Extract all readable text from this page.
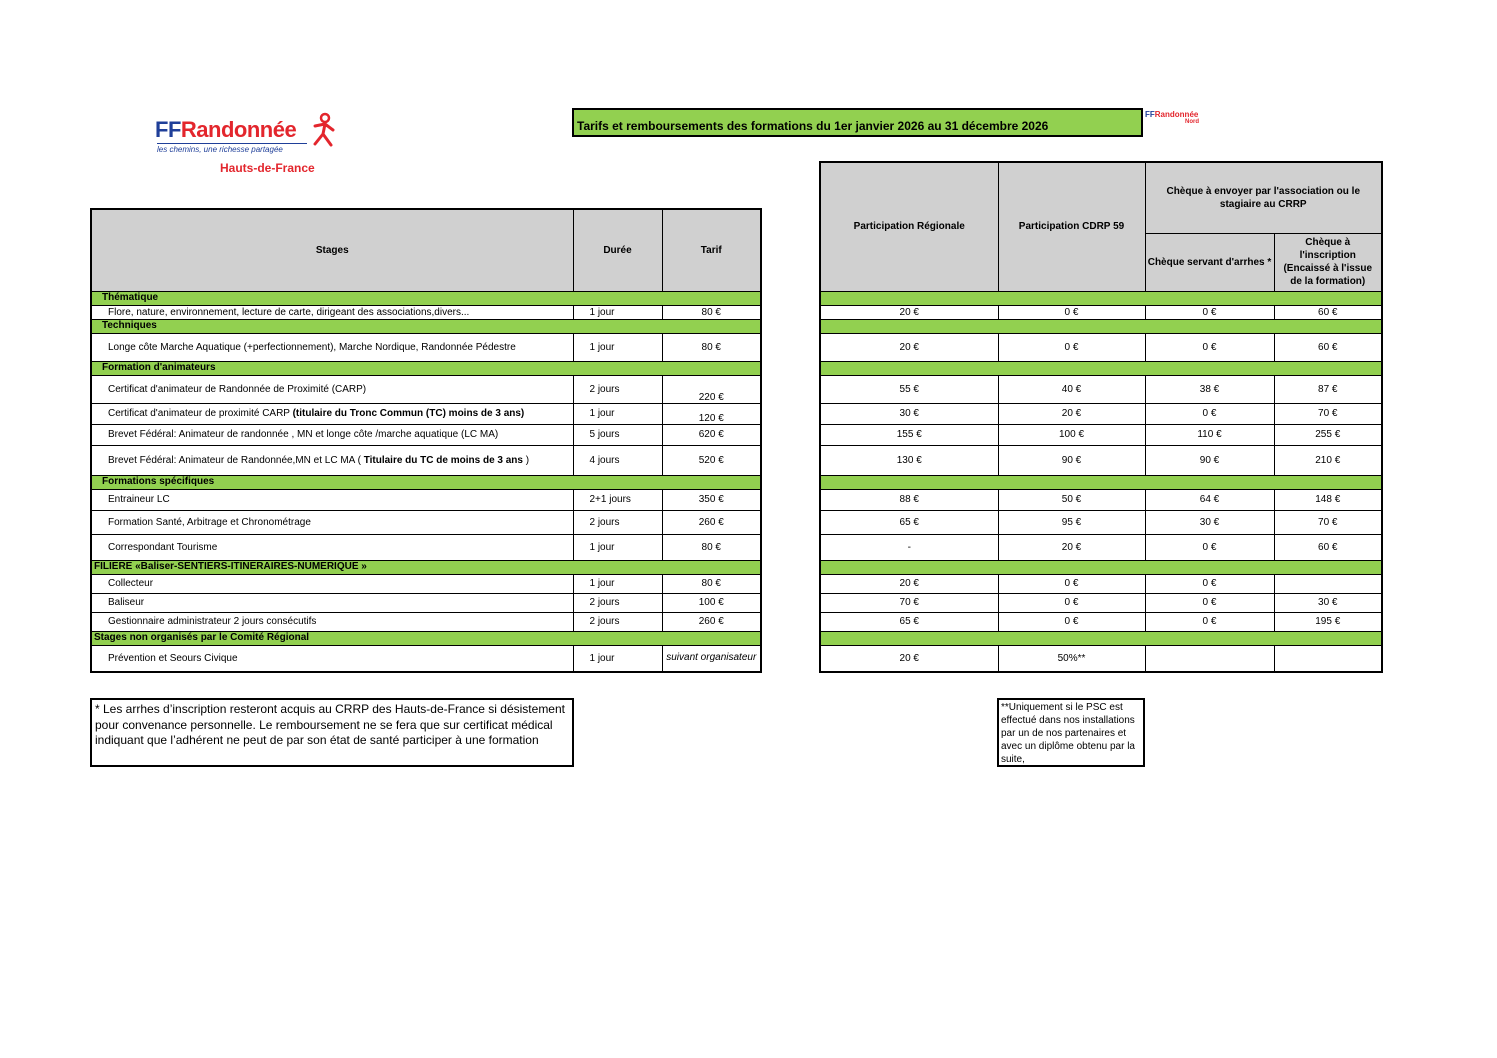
FFRandonnée
les chemins, une richesse partagée
Hauts-de-France
FFRandonnée
Nord
Tarifs et remboursements des formations du 1er janvier 2026 au 31 décembre 2026
Stages	Durée	Tarif
Thématique		
Flore, nature, environnement, lecture de carte, dirigeant des associations,divers...	1 jour	80 €
Techniques		
Longe côte Marche Aquatique (+perfectionnement), Marche Nordique, Randonnée Pédestre	1 jour	80 €
Formation d'animateurs		
Certificat d'animateur de Randonnée de Proximité (CARP)	2 jours	220 €
Certificat d'animateur de proximité CARP (titulaire du Tronc Commun (TC) moins de 3 ans)	1 jour	120 €
Brevet Fédéral: Animateur de randonnée , MN et longe côte /marche aquatique (LC MA)	5 jours	620 €
Brevet Fédéral: Animateur de Randonnée,MN et LC MA ( Titulaire du TC de moins de 3 ans )	4 jours	520 €
Formations spécifiques		
Entraineur LC	2+1 jours	350 €
Formation Santé, Arbitrage et Chronométrage	2 jours	260 €
Correspondant Tourisme	1 jour	80 €
FILIERE «Baliser-SENTIERS-ITINERAIRES-NUMERIQUE »		
Collecteur	1 jour	80 €
Baliseur	2 jours	100 €
Gestionnaire administrateur 2 jours consécutifs	2 jours	260 €
Stages non organisés par le Comité Régional		
Prévention et Seours Civique	1 jour	suivant organisateur
Participation Régionale	Participation CDRP 59	Chèque à envoyer par l'association ou le stagiaire au CRRP	
		Chèque servant d'arrhes *	Chèque à l'inscription (Encaissé à l'issue de la formation)

20 €	0 €	0 €	60 €

20 €	0 €	0 €	60 €

55 €	40 €	38 €	87 €
30 €	20 €	0 €	70 €
155 €	100 €	110 €	255 €
130 €	90 €	90 €	210 €

88 €	50 €	64 €	148 €
65 €	95 €	30 €	70 €
-	20 €	0 €	60 €

20 €	0 €	0 €	
70 €	0 €	0 €	30 €
65 €	0 €	0 €	195 €

20 €	50%**		
* Les arrhes d’inscription resteront acquis au CRRP des Hauts-de-France si désistement pour convenance personnelle. Le remboursement ne se fera que sur certificat médical indiquant que l’adhérent ne peut de par son état de santé participer à une formation
**Uniquement si le PSC est effectué dans nos installations par un de nos partenaires et avec un diplôme obtenu par la suite,
